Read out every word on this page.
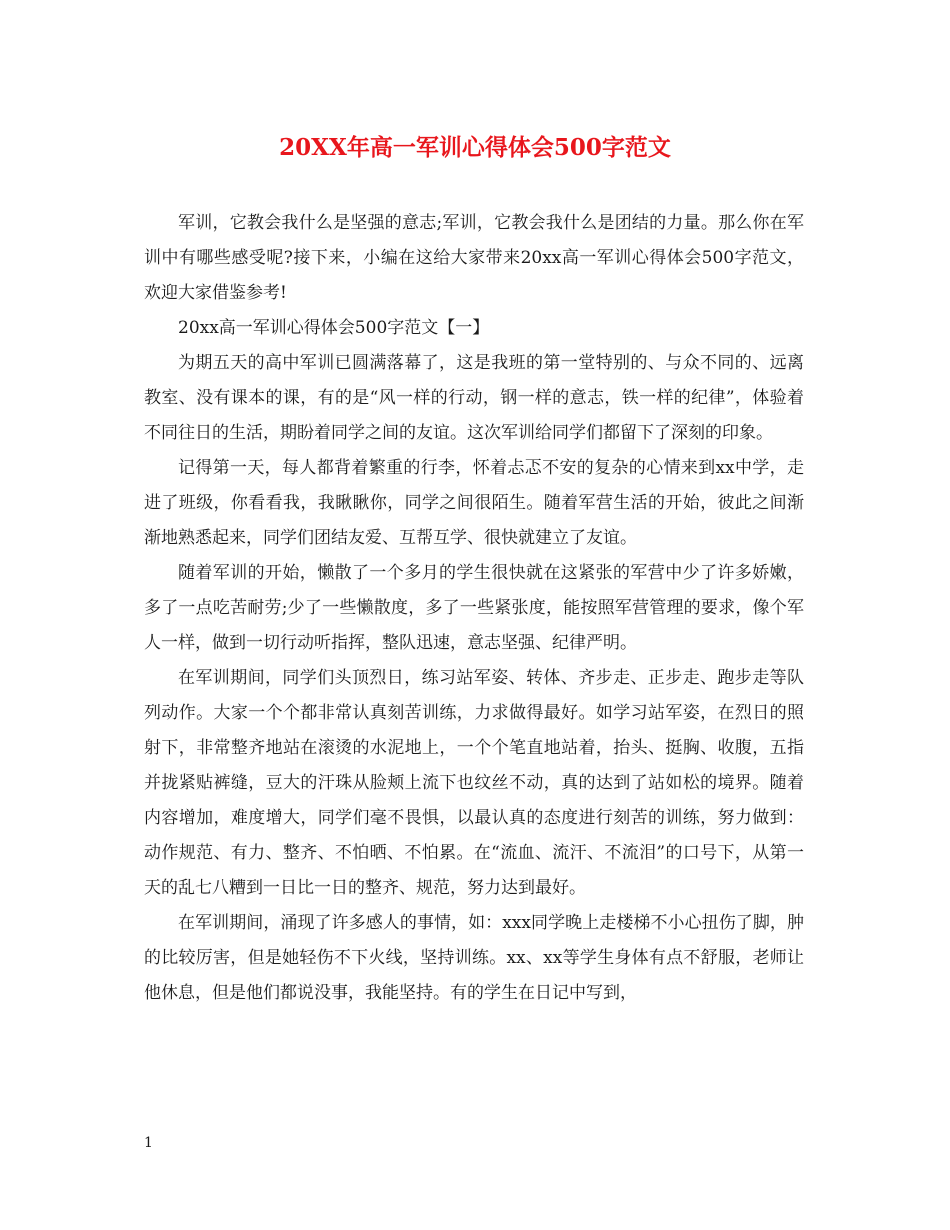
20XX年高一军训心得体会500字范文

军训，它教会我什么是坚强的意志;军训，它教会我什么是团结的力量。那么你在军训中有哪些感受呢?接下来，小编在这给大家带来20xx高一军训心得体会500字范文，欢迎大家借鉴参考!

20xx高一军训心得体会500字范文【一】

为期五天的高中军训已圆满落幕了，这是我班的第一堂特别的、与众不同的、远离教室、没有课本的课，有的是“风一样的行动，钢一样的意志，铁一样的纪律”，体验着不同往日的生活，期盼着同学之间的友谊。这次军训给同学们都留下了深刻的印象。

记得第一天，每人都背着繁重的行李，怀着忐忑不安的复杂的心情来到xx中学，走进了班级，你看看我，我瞅瞅你，同学之间很陌生。随着军营生活的开始，彼此之间渐渐地熟悉起来，同学们团结友爱、互帮互学、很快就建立了友谊。

随着军训的开始，懒散了一个多月的学生很快就在这紧张的军营中少了许多娇嫩，多了一点吃苦耐劳;少了一些懒散度，多了一些紧张度，能按照军营管理的要求，像个军人一样，做到一切行动听指挥，整队迅速，意志坚强、纪律严明。

在军训期间，同学们头顶烈日，练习站军姿、转体、齐步走、正步走、跑步走等队列动作。大家一个个都非常认真刻苦训练，力求做得最好。如学习站军姿，在烈日的照射下，非常整齐地站在滚烫的水泥地上，一个个笔直地站着，抬头、挺胸、收腹，五指并拢紧贴裤缝，豆大的汗珠从脸颊上流下也纹丝不动，真的达到了站如松的境界。随着内容增加，难度增大，同学们毫不畏惧，以最认真的态度进行刻苦的训练，努力做到：动作规范、有力、整齐、不怕晒、不怕累。在“流血、流汗、不流泪”的口号下，从第一天的乱七八糟到一日比一日的整齐、规范，努力达到最好。

在军训期间，涌现了许多感人的事情，如：xxx同学晚上走楼梯不小心扭伤了脚，肿的比较厉害，但是她轻伤不下火线，坚持训练。xx、xx等学生身体有点不舒服，老师让他休息，但是他们都说没事，我能坚持。有的学生在日记中写到，

1
